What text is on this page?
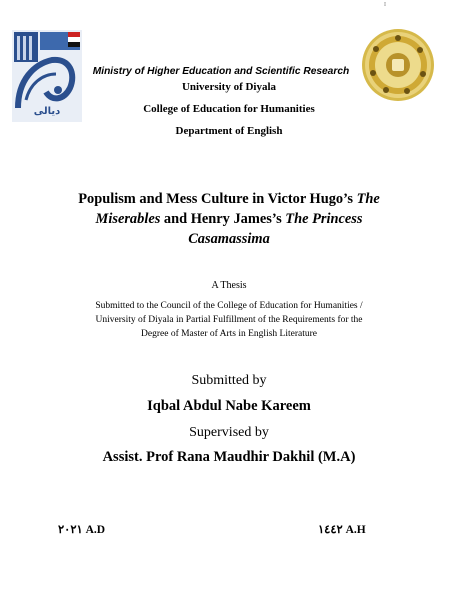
I
ديالى
Ministry of Higher Education and Scientific Research
University of Diyala
College of Education for Humanities
Department of English
Populism and Mess Culture in Victor Hugo’s The Miserables and Henry James’s The Princess Casamassima
A Thesis
Submitted to the Council of the College of Education for Humanities /
University of Diyala in Partial Fulfillment of the Requirements for the
Degree of Master of Arts in English Literature
Submitted by
Iqbal Abdul Nabe Kareem
Supervised by
Assist. Prof Rana Maudhir Dakhil (M.A)
٢٠٢١ A.D	١٤٤٢ A.H
